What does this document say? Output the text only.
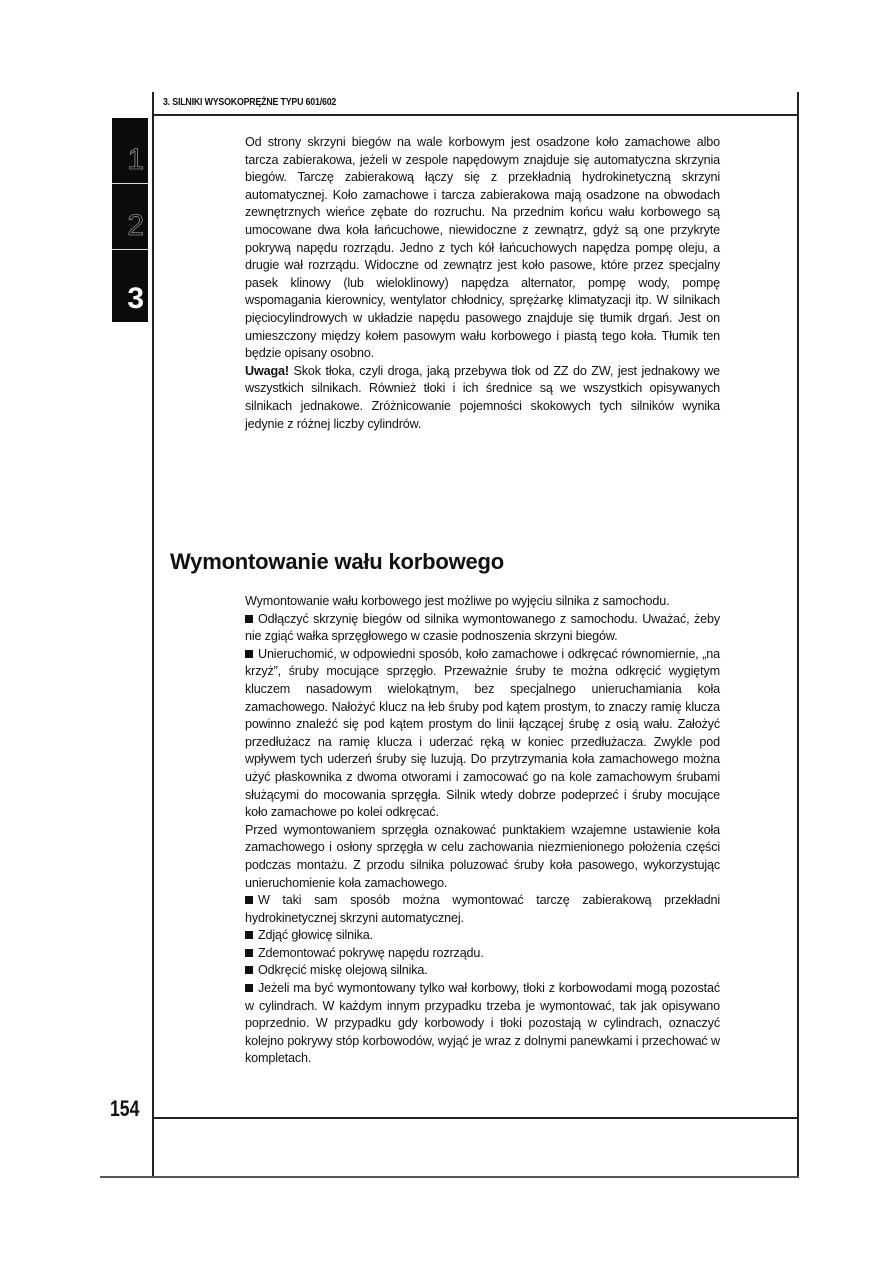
3. SILNIKI WYSOKOPRĘŻNE TYPU 601/602
1
2
3

Od strony skrzyni biegów na wale korbowym jest osadzone koło zamachowe albo tarcza zabierakowa, jeżeli w zespole napędowym znajduje się automatyczna skrzynia biegów. Tarczę zabierakową łączy się z przekładnią hydrokinetyczną skrzyni automatycznej. Koło zamachowe i tarcza zabierakowa mają osadzone na obwodach zewnętrznych wieńce zębate do rozruchu. Na przednim końcu wału korbowego są umocowane dwa koła łańcuchowe, niewidoczne z zewnątrz, gdyż są one przykryte pokrywą napędu rozrządu. Jedno z tych kół łańcuchowych napędza pompę oleju, a drugie wał rozrządu. Widoczne od zewnątrz jest koło pasowe, które przez specjalny pasek klinowy (lub wieloklinowy) napędza alternator, pompę wody, pompę wspomagania kierownicy, wentylator chłodnicy, sprężarkę klimatyzacji itp. W silnikach pięciocylindrowych w układzie napędu pasowego znajduje się tłumik drgań. Jest on umieszczony między kołem pasowym wału korbowego i piastą tego koła. Tłumik ten będzie opisany osobno.

Uwaga! Skok tłoka, czyli droga, jaką przebywa tłok od ZZ do ZW, jest jednakowy we wszystkich silnikach. Również tłoki i ich średnice są we wszystkich opisywanych silnikach jednakowe. Zróżnicowanie pojemności skokowych tych silników wynika jedynie z różnej liczby cylindrów.

Wymontowanie wału korbowego

Wymontowanie wału korbowego jest możliwe po wyjęciu silnika z samochodu.

Odłączyć skrzynię biegów od silnika wymontowanego z samochodu. Uważać, żeby nie zgiąć wałka sprzęgłowego w czasie podnoszenia skrzyni biegów.

Unieruchomić, w odpowiedni sposób, koło zamachowe i odkręcać równomiernie, „na krzyż”, śruby mocujące sprzęgło. Przeważnie śruby te można odkręcić wygiętym kluczem nasadowym wielokątnym, bez specjalnego unieruchamiania koła zamachowego. Nałożyć klucz na łeb śruby pod kątem prostym, to znaczy ramię klucza powinno znaleźć się pod kątem prostym do linii łączącej śrubę z osią wału. Założyć przedłużacz na ramię klucza i uderzać ręką w koniec przedłużacza. Zwykle pod wpływem tych uderzeń śruby się luzują. Do przytrzymania koła zamachowego można użyć płaskownika z dwoma otworami i zamocować go na kole zamachowym śrubami służącymi do mocowania sprzęgła. Silnik wtedy dobrze podeprzeć i śruby mocujące koło zamachowe po kolei odkręcać.

Przed wymontowaniem sprzęgła oznakować punktakiem wzajemne ustawienie koła zamachowego i osłony sprzęgła w celu zachowania niezmienionego położenia części podczas montażu. Z przodu silnika poluzować śruby koła pasowego, wykorzystując unieruchomienie koła zamachowego.

W taki sam sposób można wymontować tarczę zabierakową przekładni hydrokinetycznej skrzyni automatycznej.

Zdjąć głowicę silnika.

Zdemontować pokrywę napędu rozrządu.

Odkręcić miskę olejową silnika.

Jeżeli ma być wymontowany tylko wał korbowy, tłoki z korbowodami mogą pozostać w cylindrach. W każdym innym przypadku trzeba je wymontować, tak jak opisywano poprzednio. W przypadku gdy korbowody i tłoki pozostają w cylindrach, oznaczyć kolejno pokrywy stóp korbowodów, wyjąć je wraz z dolnymi panewkami i przechować w kompletach.

154
